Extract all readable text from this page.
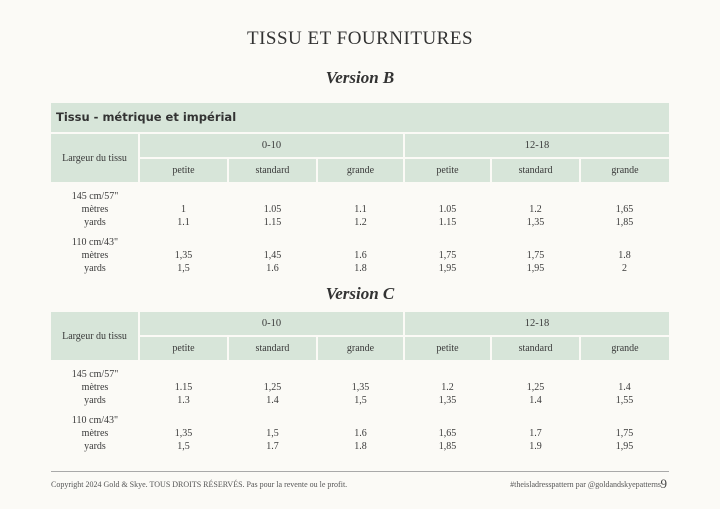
TISSU ET FOURNITURES
Version B
Tissu - métrique et impérial
Largeur du tissu	0-10			12-18		
	petite	standard	grande	petite	standard	grande

145 cm/57"						
mètres	1	1.05	1.1	1.05	1.2	1,65
yards	1.1	1.15	1.2	1.15	1,35	1,85

110 cm/43"						
mètres	1,35	1,45	1.6	1,75	1,75	1.8
yards	1,5	1.6	1.8	1,95	1,95	2
Version C
Largeur du tissu	0-10			12-18		
	petite	standard	grande	petite	standard	grande

145 cm/57"						
mètres	1.15	1,25	1,35	1.2	1,25	1.4
yards	1.3	1.4	1,5	1,35	1.4	1,55

110 cm/43"						
mètres	1,35	1,5	1.6	1,65	1.7	1,75
yards	1,5	1.7	1.8	1,85	1.9	1,95
Copyright 2024 Gold & Skye. TOUS DROITS RÉSERVÉS. Pas pour la revente ou le profit.	#theisladresspattern par @goldandskyepatterns 9
